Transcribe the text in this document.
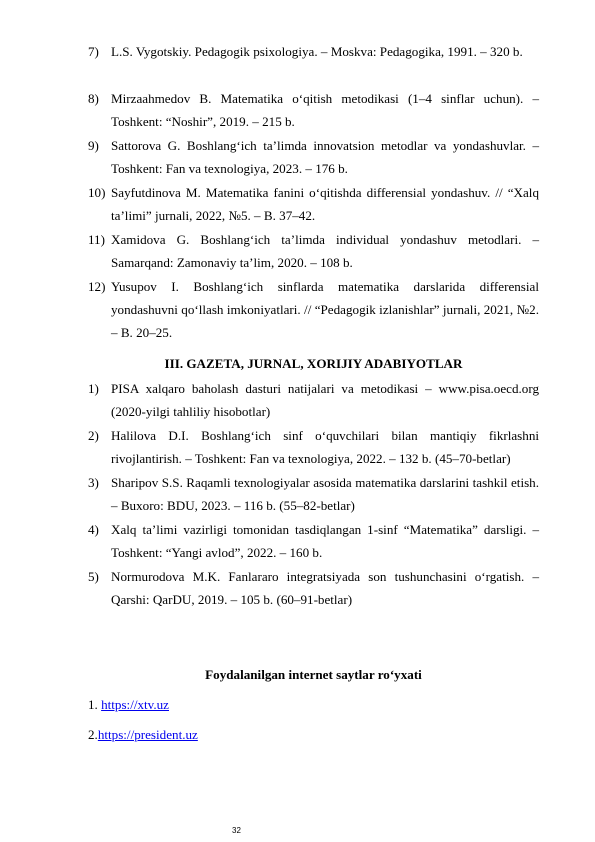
7) L.S. Vygotskiy. Pedagogik psixologiya. – Moskva: Pedagogika, 1991. – 320 b.
8) Mirzaahmedov B. Matematika o‘qitish metodikasi (1–4 sinflar uchun). – Toshkent: “Noshir”, 2019. – 215 b.
9) Sattorova G. Boshlang‘ich ta’limda innovatsion metodlar va yondashuvlar. – Toshkent: Fan va texnologiya, 2023. – 176 b.
10) Sayfutdinova M. Matematika fanini o‘qitishda differensial yondashuv. // “Xalq ta’limi” jurnali, 2022, №5. – B. 37–42.
11) Xamidova G. Boshlang‘ich ta’limda individual yondashuv metodlari. – Samarqand: Zamonaviy ta’lim, 2020. – 108 b.
12) Yusupov I. Boshlang‘ich sinflarda matematika darslarida differensial yondashuvni qo‘llash imkoniyatlari. // “Pedagogik izlanishlar” jurnali, 2021, №2. – B. 20–25.
III. GAZETA, JURNAL, XORIJIY ADABIYOTLAR
1) PISA xalqaro baholash dasturi natijalari va metodikasi – www.pisa.oecd.org (2020-yilgi tahliliy hisobotlar)
2) Halilova D.I. Boshlang‘ich sinf o‘quvchilari bilan mantiqiy fikrlashni rivojlantirish. – Toshkent: Fan va texnologiya, 2022. – 132 b. (45–70-betlar)
3) Sharipov S.S. Raqamli texnologiyalar asosida matematika darslarini tashkil etish. – Buxoro: BDU, 2023. – 116 b. (55–82-betlar)
4) Xalq ta’limi vazirligi tomonidan tasdiqlangan 1-sinf “Matematika” darsligi. – Toshkent: “Yangi avlod”, 2022. – 160 b.
5) Normurodova M.K. Fanlararo integratsiyada son tushunchasini o‘rgatish. – Qarshi: QarDU, 2019. – 105 b. (60–91-betlar)
Foydalanilgan internet saytlar ro‘yxati
1. https://xtv.uz
2.https://president.uz
32
